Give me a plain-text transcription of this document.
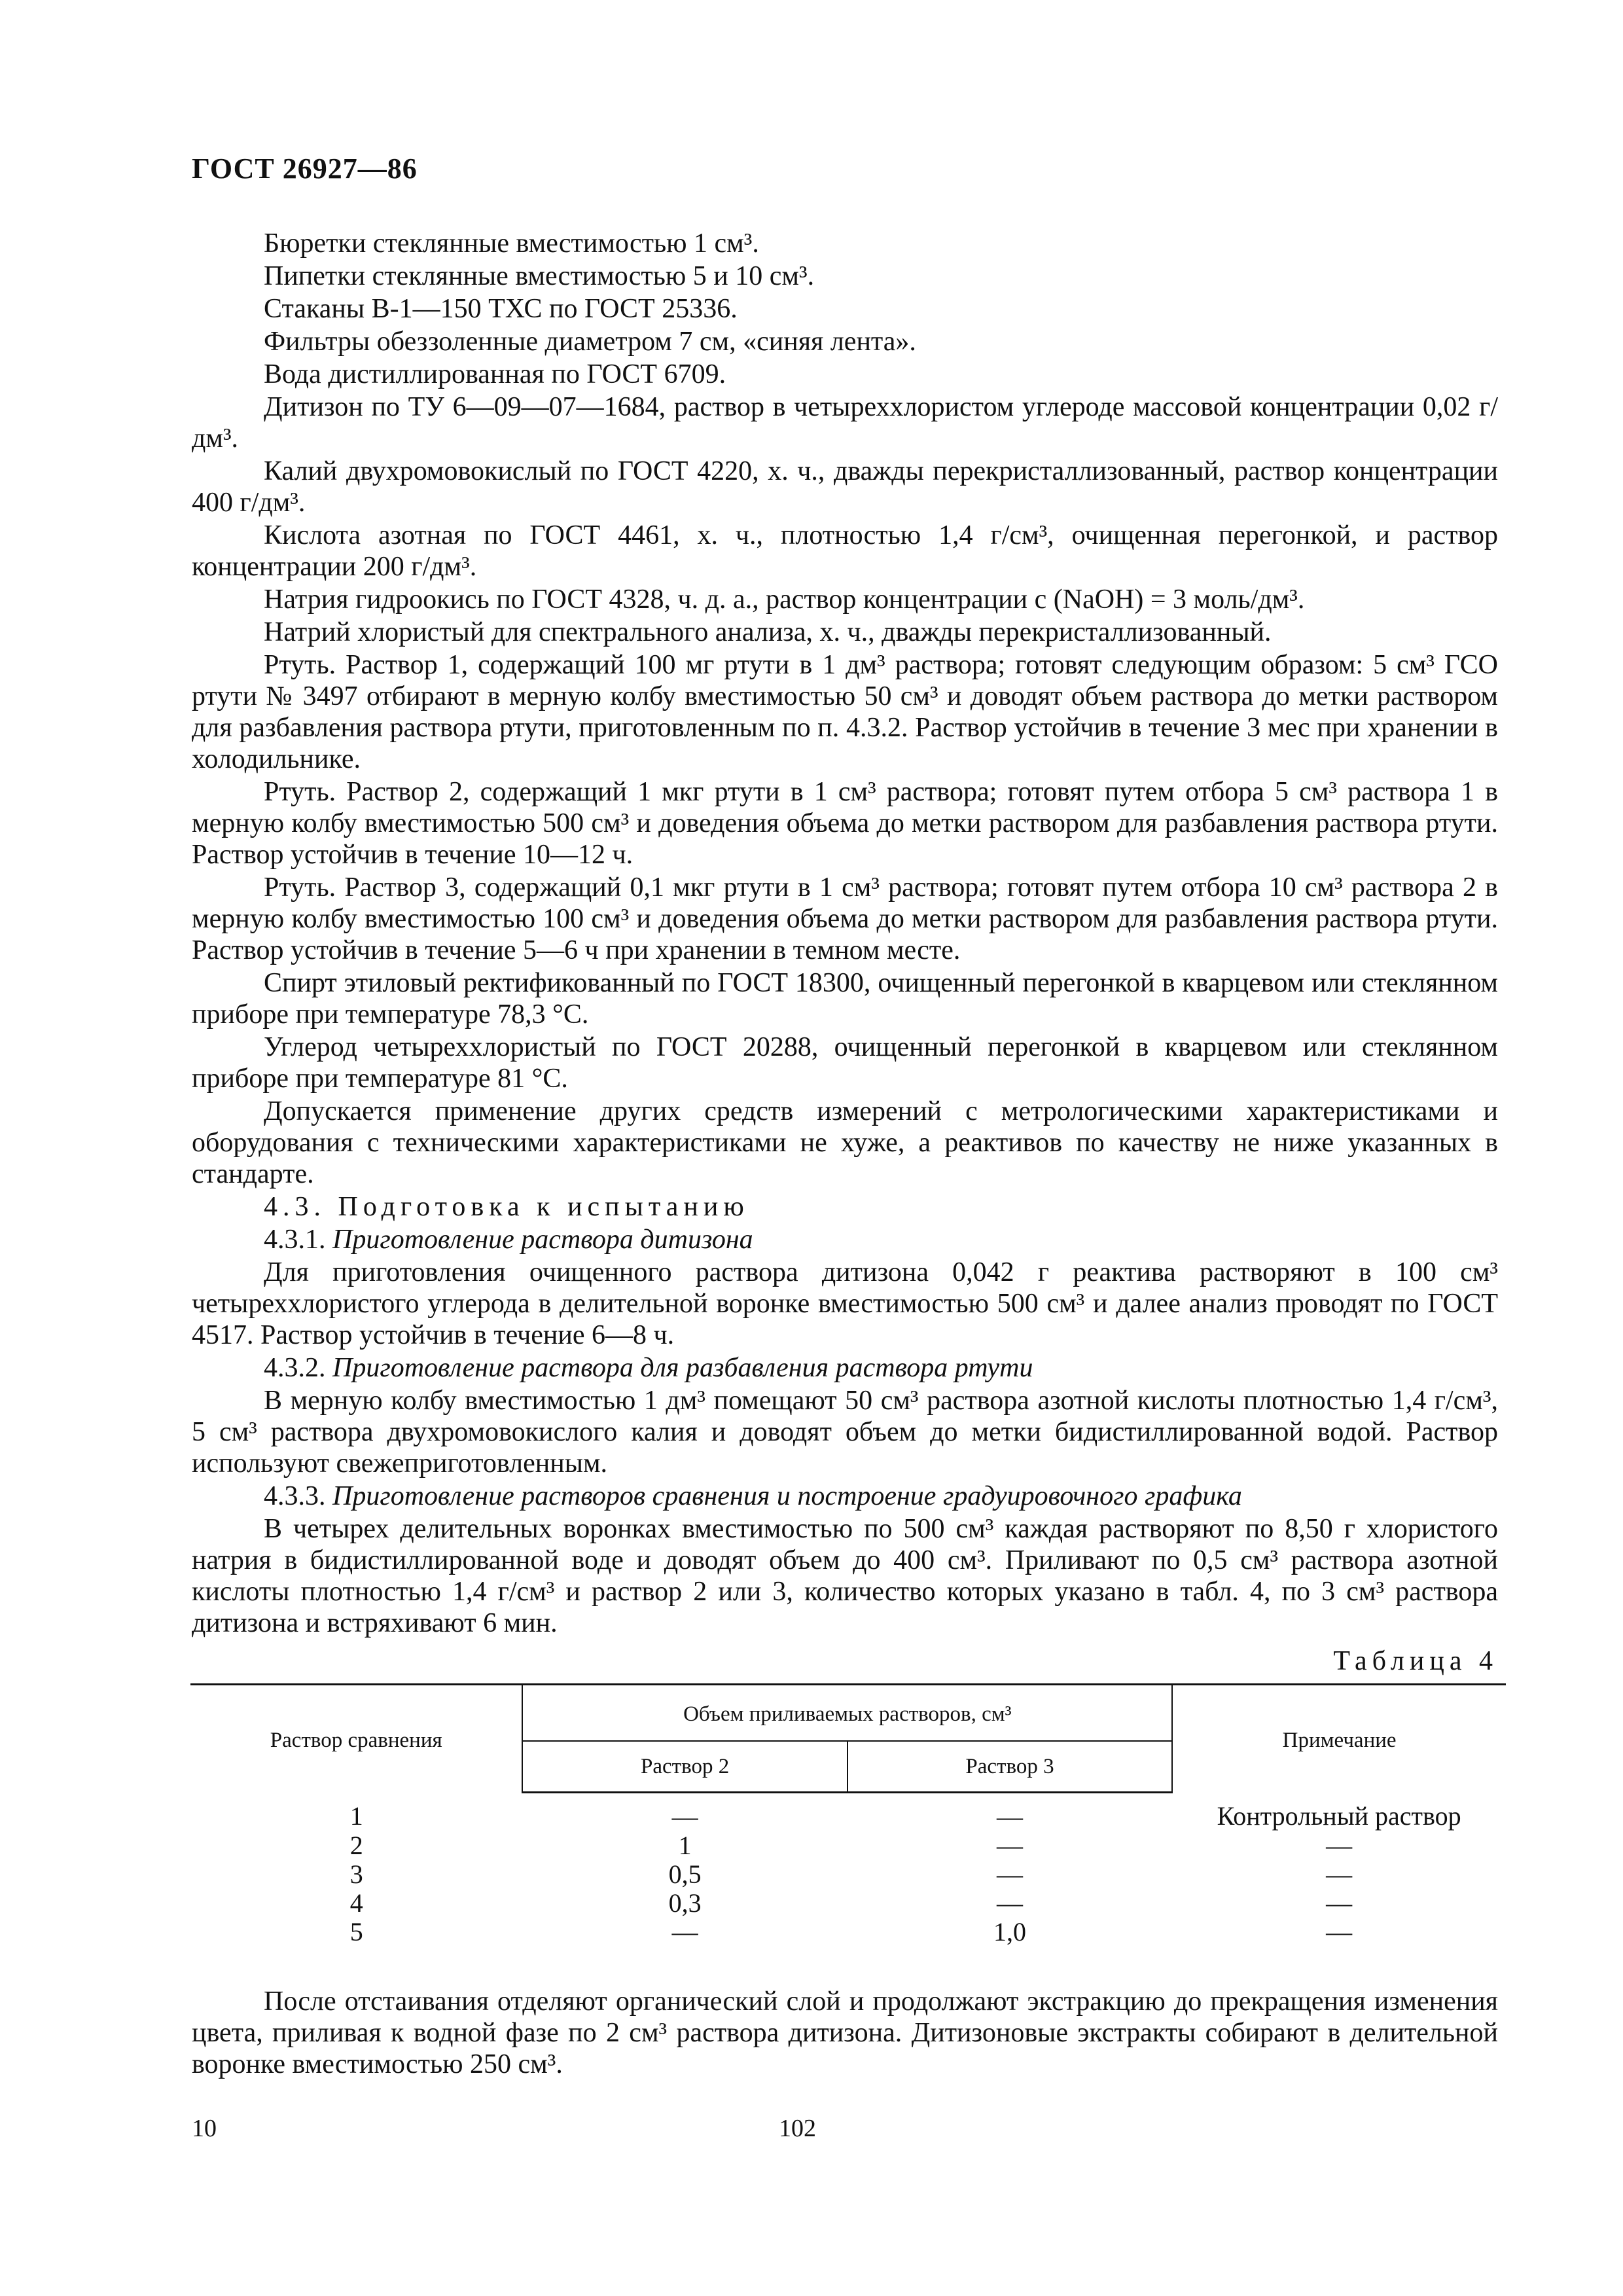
ГОСТ 26927—86

Бюретки стеклянные вместимостью 1 см³.

Пипетки стеклянные вместимостью 5 и 10 см³.

Стаканы В-1—150 ТХС по ГОСТ 25336.

Фильтры обеззоленные диаметром 7 см, «синяя лента».

Вода дистиллированная по ГОСТ 6709.

Дитизон по ТУ 6—09—07—1684, раствор в четыреххлористом углероде массовой концентрации 0,02 г/дм³.

Калий двухромовокислый по ГОСТ 4220, х. ч., дважды перекристаллизованный, раствор концентрации 400 г/дм³.

Кислота азотная по ГОСТ 4461, х. ч., плотностью 1,4 г/см³, очищенная перегонкой, и раствор концентрации 200 г/дм³.

Натрия гидроокись по ГОСТ 4328, ч. д. а., раствор концентрации с (NaOH) = 3 моль/дм³.

Натрий хлористый для спектрального анализа, х. ч., дважды перекристаллизованный.

Ртуть. Раствор 1, содержащий 100 мг ртути в 1 дм³ раствора; готовят следующим образом: 5 см³ ГСО ртути № 3497 отбирают в мерную колбу вместимостью 50 см³ и доводят объем раствора до метки раствором для разбавления раствора ртути, приготовленным по п. 4.3.2. Раствор устойчив в течение 3 мес при хранении в холодильнике.

Ртуть. Раствор 2, содержащий 1 мкг ртути в 1 см³ раствора; готовят путем отбора 5 см³ раствора 1 в мерную колбу вместимостью 500 см³ и доведения объема до метки раствором для разбавления раствора ртути. Раствор устойчив в течение 10—12 ч.

Ртуть. Раствор 3, содержащий 0,1 мкг ртути в 1 см³ раствора; готовят путем отбора 10 см³ раствора 2 в мерную колбу вместимостью 100 см³ и доведения объема до метки раствором для разбавления раствора ртути. Раствор устойчив в течение 5—6 ч при хранении в темном месте.

Спирт этиловый ректификованный по ГОСТ 18300, очищенный перегонкой в кварцевом или стеклянном приборе при температуре 78,3 °С.

Углерод четыреххлористый по ГОСТ 20288, очищенный перегонкой в кварцевом или стеклянном приборе при температуре 81 °С.

Допускается применение других средств измерений с метрологическими характеристиками и оборудования с техническими характеристиками не хуже, а реактивов по качеству не ниже указанных в стандарте.

4.3. Подготовка к испытанию

4.3.1. Приготовление раствора дитизона

Для приготовления очищенного раствора дитизона 0,042 г реактива растворяют в 100 см³ четыреххлористого углерода в делительной воронке вместимостью 500 см³ и далее анализ проводят по ГОСТ 4517. Раствор устойчив в течение 6—8 ч.

4.3.2. Приготовление раствора для разбавления раствора ртути

В мерную колбу вместимостью 1 дм³ помещают 50 см³ раствора азотной кислоты плотностью 1,4 г/см³, 5 см³ раствора двухромовокислого калия и доводят объем до метки бидистиллированной водой. Раствор используют свежеприготовленным.

4.3.3. Приготовление растворов сравнения и построение градуировочного графика

В четырех делительных воронках вместимостью по 500 см³ каждая растворяют по 8,50 г хлористого натрия в бидистиллированной воде и доводят объем до 400 см³. Приливают по 0,5 см³ раствора азотной кислоты плотностью 1,4 г/см³ и раствор 2 или 3, количество которых указано в табл. 4, по 3 см³ раствора дитизона и встряхивают 6 мин.

Таблица 4
Раствор сравнения	Объем приливаемых растворов, см³		Примечание
	Раствор 2	Раствор 3	
1	—	—	Контрольный раствор
2	1	—	—
3	0,5	—	—
4	0,3	—	—
5	—	1,0	—

После отстаивания отделяют органический слой и продолжают экстракцию до прекращения изменения цвета, приливая к водной фазе по 2 см³ раствора дитизона. Дитизоновые экстракты собирают в делительной воронке вместимостью 250 см³.

10	102
